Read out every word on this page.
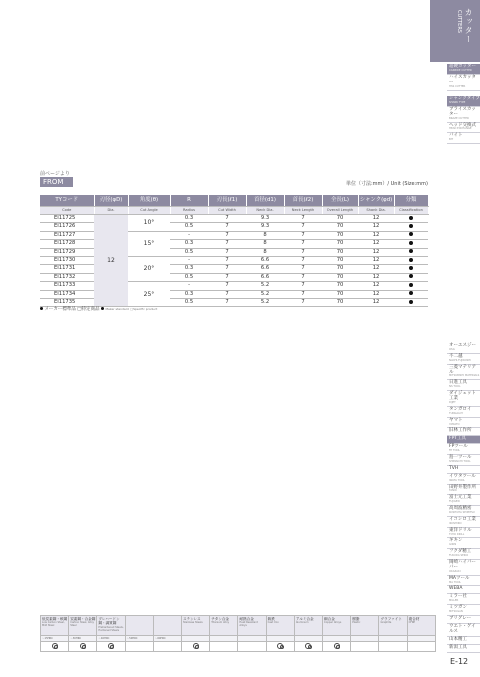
カッター
CUTTERS
超硬カッター
CARBIDE CUTTER
ハイスカッター
HSS CUTTER
シャンクタイプ
SHANK TYPE
ブライスカッター
BRAZE CUTTER
ヘッド交換式
HEAD EXCHANGE
バイト
BIT
オーエスジー
OSG
不二越
NACHI-FUJIKOSHI
三菱マテリアル
MITSUBISHI MATERIALS
日進工具
NS TOOL
ダイジェット工業
DIJET
タンガロイ
TUNGALOY
ヤマト
YAMATO
旧林工作所
FPT工具
FPツール
FP TOOL
島一ツール
SHIMAICHI TOOL
TVH
イワタツール
IWATA TOOL
田野井製作所
TANOI
富士元工業
FUJIGEN
高周波精密
KOSHUHA SEIMITSU
イコシロ工業
IKOSHIRO
東洋ドリル
TOYO DRILL
ギキン
GIKIN
フクダ精工
FUKUDA SEIKO
岡崎ハイバーバー
OKAZAKI
MAツール
MA TOOL
WEBA
ミラー社
MILLER
ミツガン
MITSUGAN
ブリグレー
ウエト・ゲイルス
山本精工
新潟工具
前ページより
FROM	単位（寸法:mm）/ Unit (Size:mm)
TYコード	刃径(φD)	角度(θ)	R	刃長(ℓ1)	首径(d1)	首長(ℓ2)	全長(L)	シャンク(φd)	分類
Code	Dia.	Cut Angle	Radius	Cut Width	Neck Dia.	Neck Length	Overall Length	Shank Dia.	Classification
EI11725	12	10°	0.3	7	9.3	7	70	12	
EI11726			0.5	7	9.3	7	70	12	
EI11727		15°	-	7	8	7	70	12	
EI11728			0.3	7	8	7	70	12	
EI11729			0.5	7	8	7	70	12	
EI11730		20°	-	7	6.6	7	70	12	
EI11731			0.3	7	6.6	7	70	12	
EI11732			0.5	7	6.6	7	70	12	
EI11733		25°	-	7	5.2	7	70	12	
EI11734			0.3	7	5.2	7	70	12	
EI11735			0.5	7	5.2	7	70	12	
メーカー標準品 □特定商品 Maker standard □Specific product
低炭素鋼・軟鋼
Low Carbon Steel, Mild Steel	炭素鋼・合金鋼
Carbon Steel, Alloy Steel	プレハードン鋼・調質鋼
Prehardened Steels, Hardened Steels			ステンレス
Stainless Steels	チタン合金
Titanium Alloy	耐熱合金
Heat Resistant Alloys	鋳鉄
Cast Iron	アルミ合金
Aluminum	銅合金
Copper Alloys	樹脂
Plastic	グラファイト
Graphite	複合材
CFRP

〜15HRC	〜30HRC	〜40HRC	〜50HRC	〜60HRC									

E-12
